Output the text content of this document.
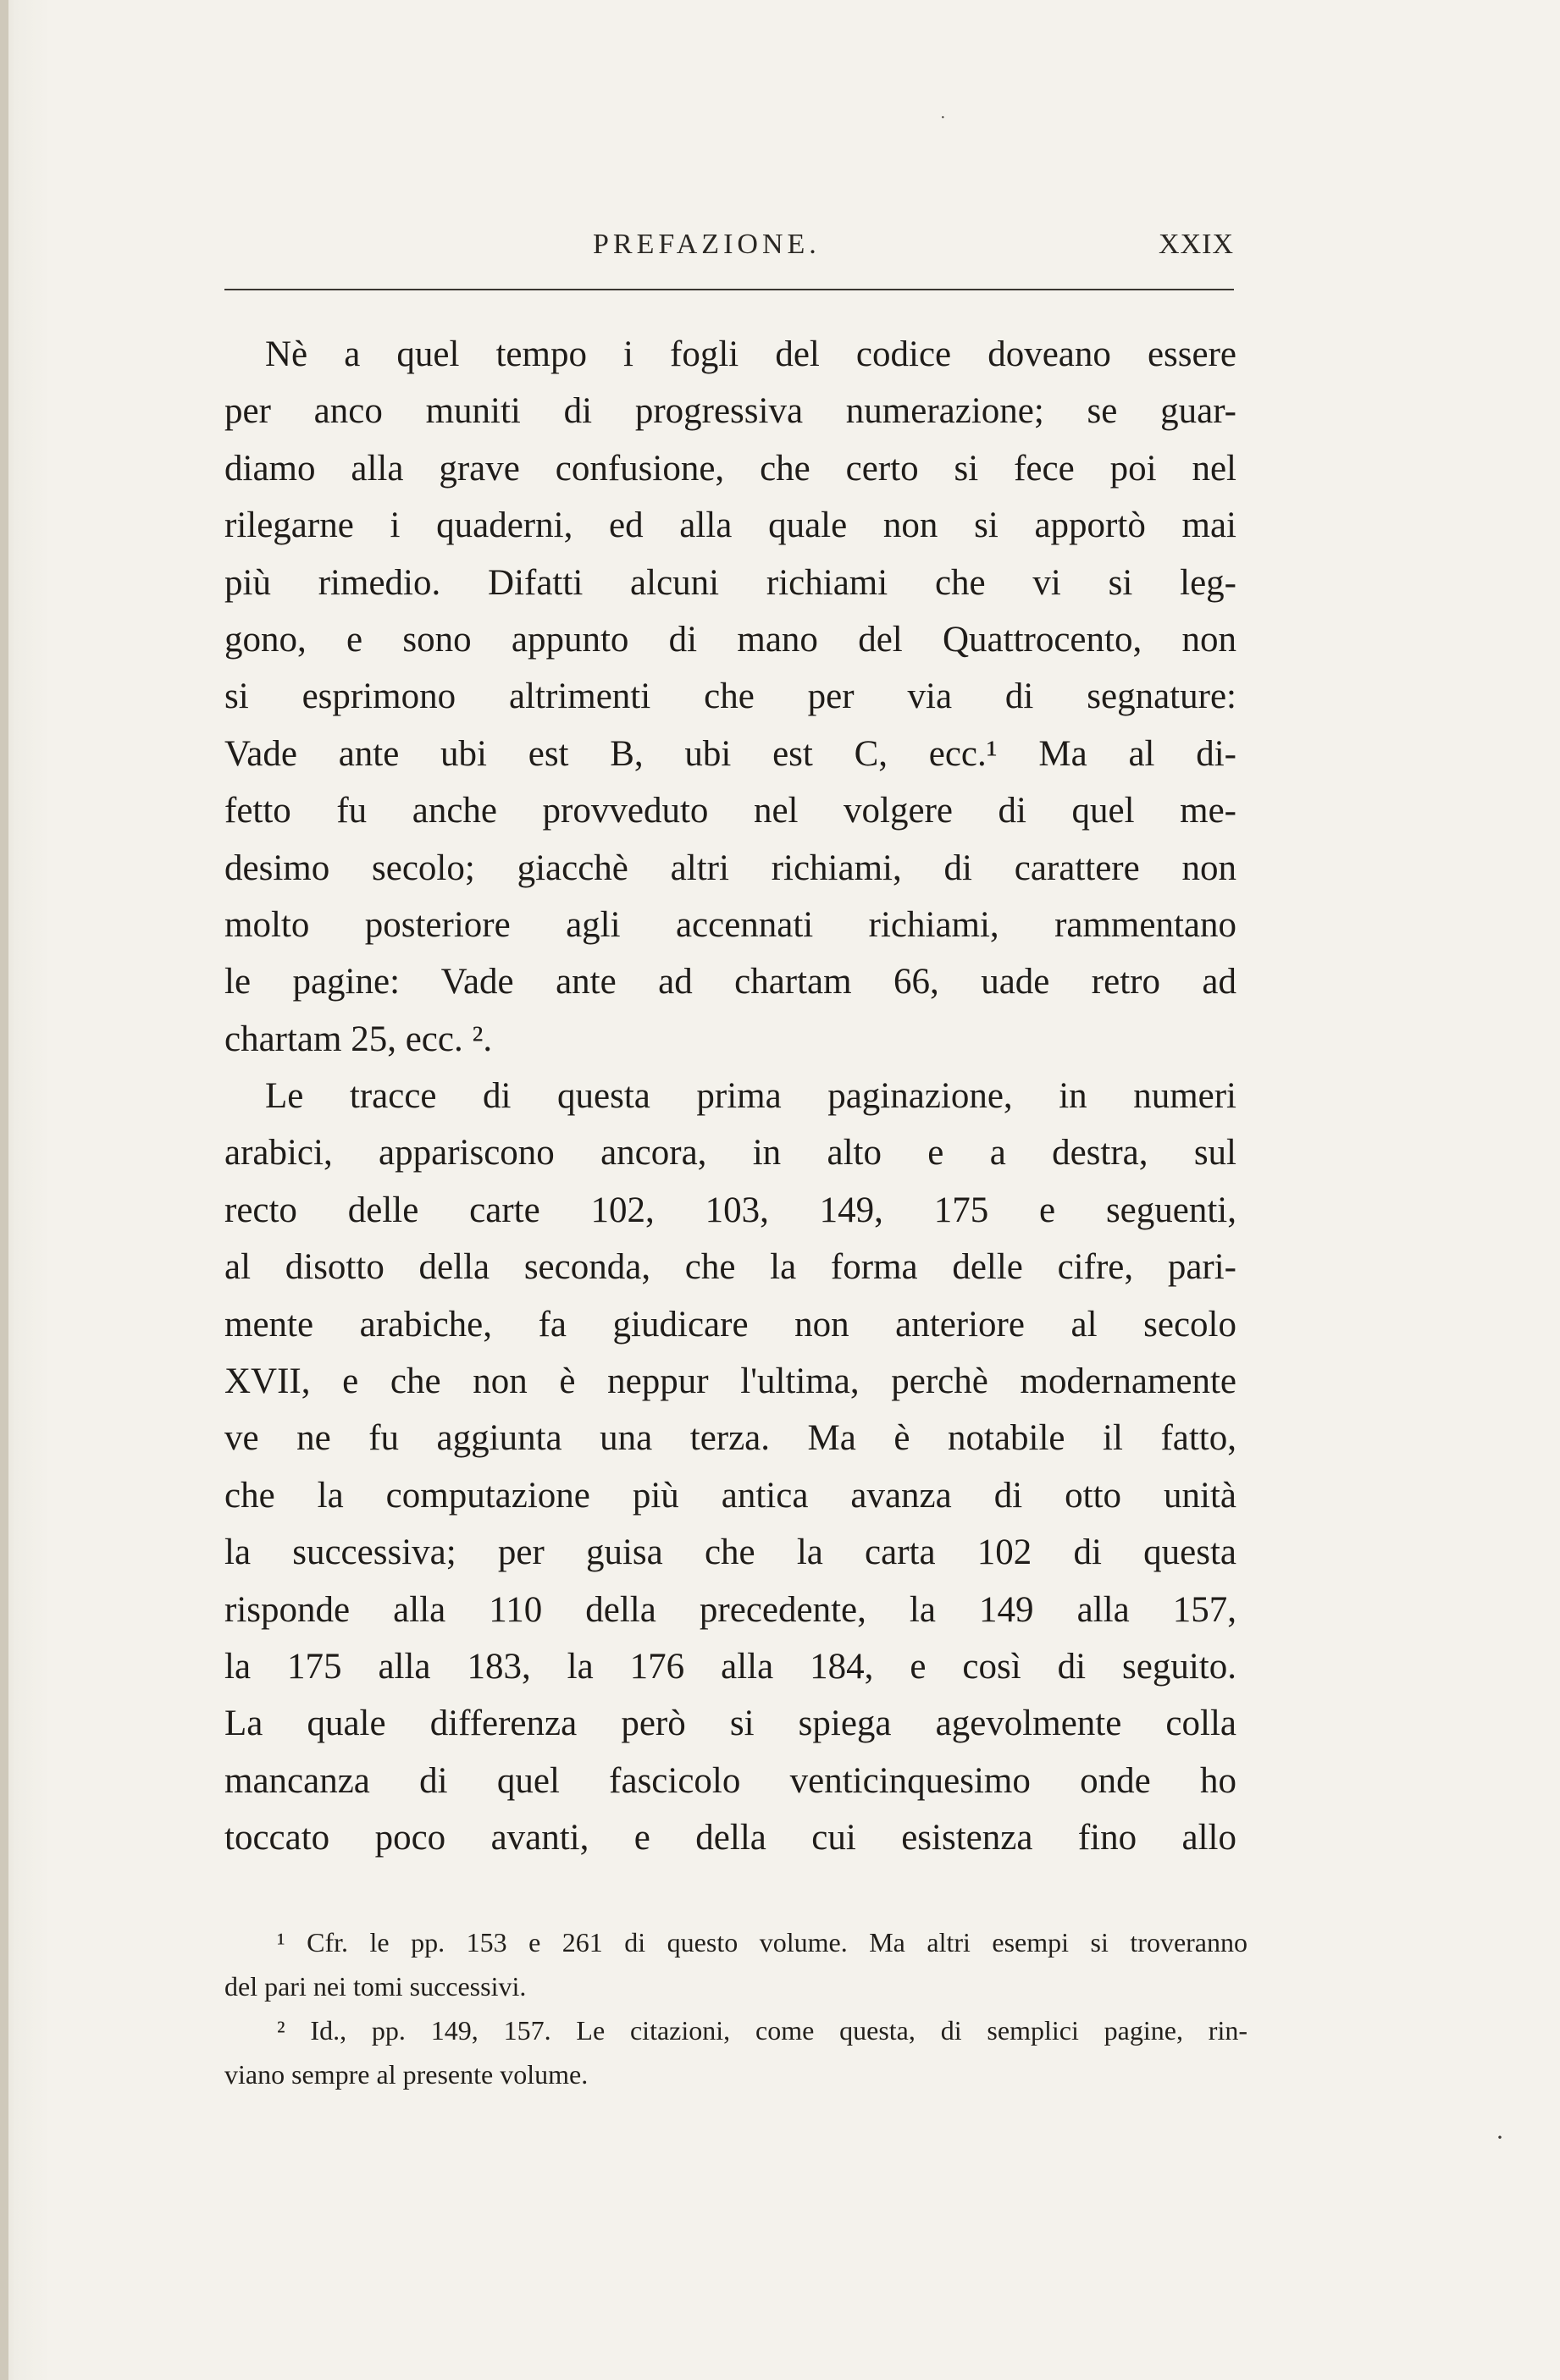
PREFAZIONE.	XXIX
Nè a quel tempo i fogli del codice doveano essere
per anco muniti di progressiva numerazione; se guar-
diamo alla grave confusione, che certo si fece poi nel
rilegarne i quaderni, ed alla quale non si apportò mai
più rimedio. Difatti alcuni richiami che vi si leg-
gono, e sono appunto di mano del Quattrocento, non
si esprimono altrimenti che per via di segnature:
Vade ante ubi est B, ubi est C, ecc.¹ Ma al di-
fetto fu anche provveduto nel volgere di quel me-
desimo secolo; giacchè altri richiami, di carattere non
molto posteriore agli accennati richiami, rammentano
le pagine: Vade ante ad chartam 66, uade retro ad
chartam 25, ecc. ².
Le tracce di questa prima paginazione, in numeri
arabici, appariscono ancora, in alto e a destra, sul
recto delle carte 102, 103, 149, 175 e seguenti,
al disotto della seconda, che la forma delle cifre, pari-
mente arabiche, fa giudicare non anteriore al secolo
XVII, e che non è neppur l'ultima, perchè modernamente
ve ne fu aggiunta una terza. Ma è notabile il fatto,
che la computazione più antica avanza di otto unità
la successiva; per guisa che la carta 102 di questa
risponde alla 110 della precedente, la 149 alla 157,
la 175 alla 183, la 176 alla 184, e così di seguito.
La quale differenza però si spiega agevolmente colla
mancanza di quel fascicolo venticinquesimo onde ho
toccato poco avanti, e della cui esistenza fino allo
¹ Cfr. le pp. 153 e 261 di questo volume. Ma altri esempi si troveranno
del pari nei tomi successivi.
² Id., pp. 149, 157. Le citazioni, come questa, di semplici pagine, rin-
viano sempre al presente volume.
·
·
